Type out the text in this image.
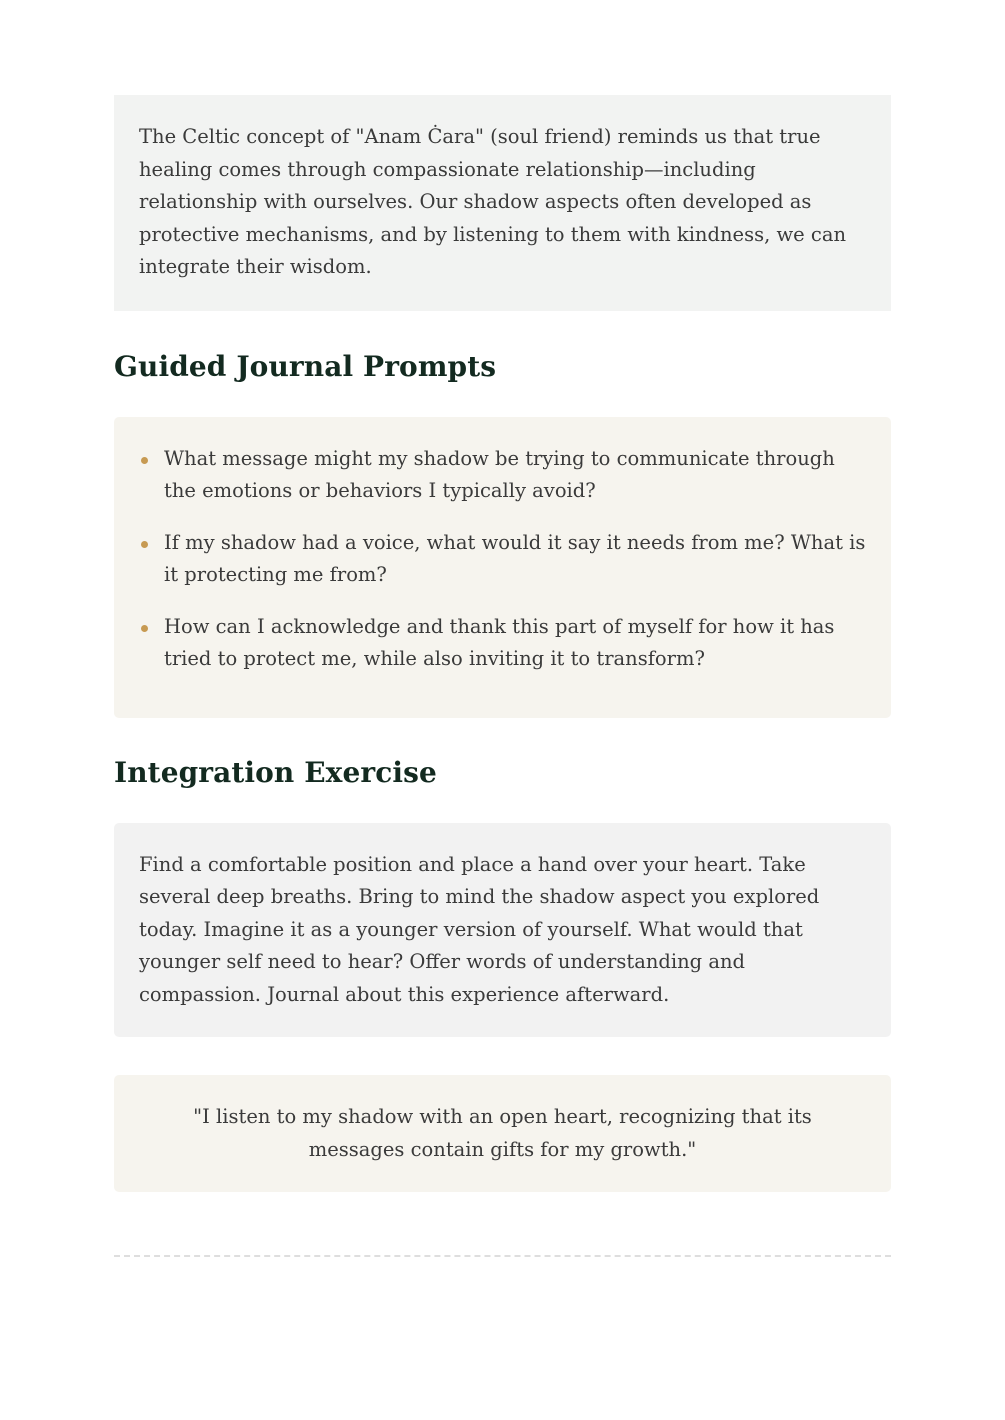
The Celtic concept of "Anam Ċara" (soul friend) reminds us that true healing comes through compassionate relationship—including relationship with ourselves. Our shadow aspects often developed as protective mechanisms, and by listening to them with kindness, we can integrate their wisdom.

Guided Journal Prompts
What message might my shadow be trying to communicate through the emotions or behaviors I typically avoid?
If my shadow had a voice, what would it say it needs from me? What is it protecting me from?
How can I acknowledge and thank this part of myself for how it has tried to protect me, while also inviting it to transform?
Integration Exercise

Find a comfortable position and place a hand over your heart. Take several deep breaths. Bring to mind the shadow aspect you explored today. Imagine it as a younger version of yourself. What would that younger self need to hear? Offer words of understanding and compassion. Journal about this experience afterward.

"I listen to my shadow with an open heart, recognizing that its messages contain gifts for my growth."
